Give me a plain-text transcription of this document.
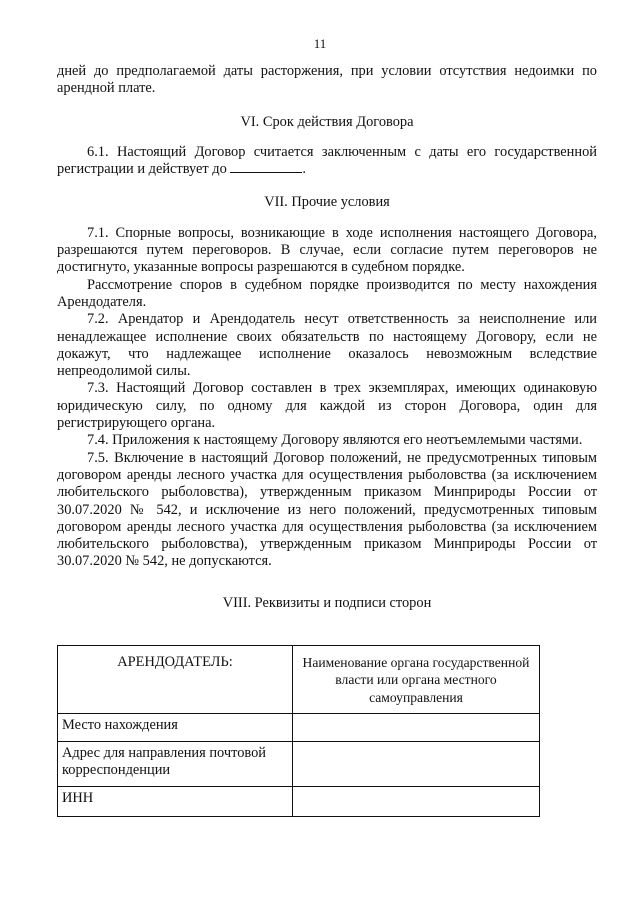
11

дней до предполагаемой даты расторжения, при условии отсутствия недоимки по арендной плате.

VI. Срок действия Договора

6.1. Настоящий Договор считается заключенным с даты его государственной регистрации и действует до	.

VII. Прочие условия

7.1. Спорные вопросы, возникающие в ходе исполнения настоящего Договора, разрешаются путем переговоров. В случае, если согласие путем переговоров не достигнуто, указанные вопросы разрешаются в судебном порядке.

Рассмотрение споров в судебном порядке производится по месту нахождения Арендодателя.

7.2. Арендатор и Арендодатель несут ответственность за неисполнение или ненадлежащее исполнение своих обязательств по настоящему Договору, если не докажут, что надлежащее исполнение оказалось невозможным вследствие непреодолимой силы.

7.3. Настоящий Договор составлен в трех экземплярах, имеющих одинаковую юридическую силу, по одному для каждой из сторон Договора, один для регистрирующего органа.

7.4. Приложения к настоящему Договору являются его неотъемлемыми частями.

7.5. Включение в настоящий Договор положений, не предусмотренных типовым договором аренды лесного участка для осуществления рыболовства (за исключением любительского рыболовства), утвержденным приказом Минприроды России от 30.07.2020 № 542, и исключение из него положений, предусмотренных типовым договором аренды лесного участка для осуществления рыболовства (за исключением любительского рыболовства), утвержденным приказом Минприроды России от 30.07.2020 № 542, не допускаются.

VIII. Реквизиты и подписи сторон

АРЕНДОДАТЕЛЬ:	Наименование органа государственной власти или органа местного самоуправления
Место нахождения	
Адрес для направления почтовой корреспонденции	
ИНН	
